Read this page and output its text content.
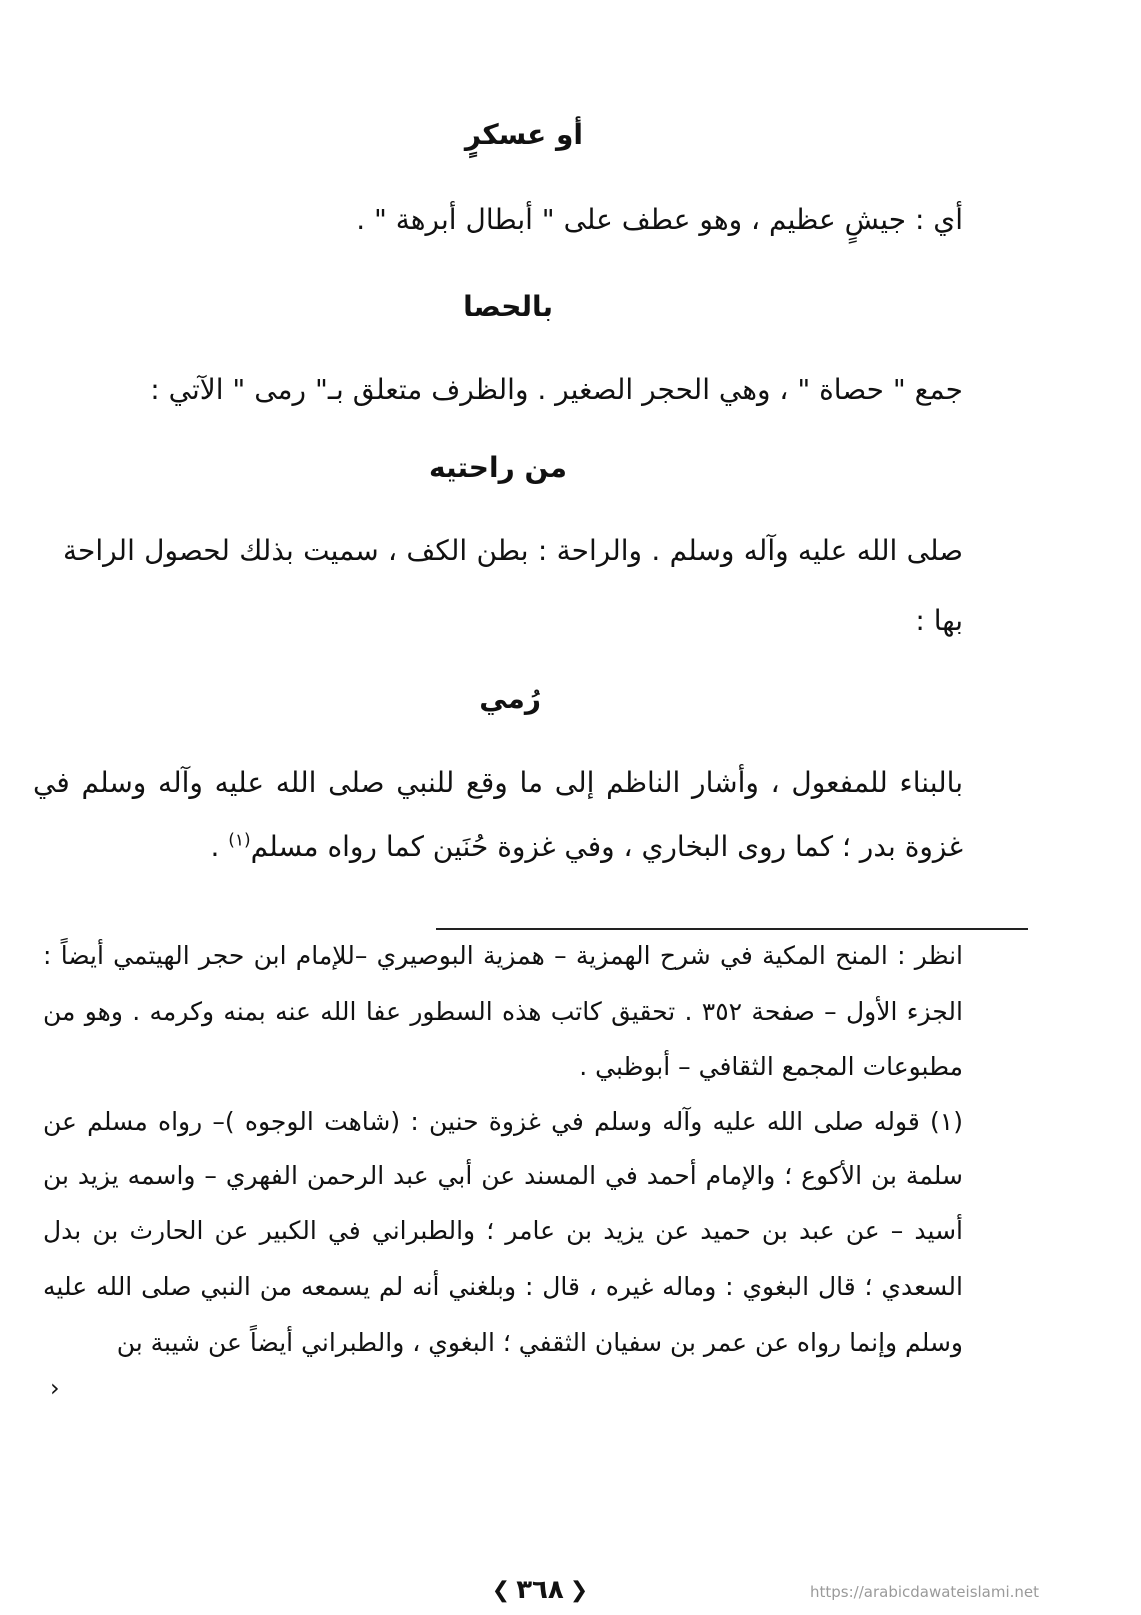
أو عسكرٍ
أي : جيشٍ عظيم ، وهو عطف على " أبطال أبرهة " .
بالحصا
جمع " حصاة " ، وهي الحجر الصغير . والظرف متعلق بـ" رمى " الآتي :
من راحتيه
صلى الله عليه وآله وسلم . والراحة : بطن الكف ، سميت بذلك لحصول الراحة
بها :
رُمي
بالبناء للمفعول ، وأشار الناظم إلى ما وقع للنبي صلى الله عليه وآله وسلم في
غزوة بدر ؛ كما روى البخاري ، وفي غزوة حُنَين كما رواه مسلم$^{(١)}$ .
انظر : المنح المكية في شرح الهمزية – همزية البوصيري –للإمام ابن حجر الهيتمي أيضاً :
الجزء الأول – صفحة ٣٥٢ . تحقيق كاتب هذه السطور عفا الله عنه بمنه وكرمه . وهو من
مطبوعات المجمع الثقافي – أبوظبي .
(١) قوله صلى الله عليه وآله وسلم في غزوة حنين : (شاهت الوجوه )– رواه مسلم عن
سلمة بن الأكوع ؛ والإمام أحمد في المسند عن أبي عبد الرحمن الفهري – واسمه يزيد بن
أسيد – عن عبد بن حميد عن يزيد بن عامر ؛ والطبراني في الكبير عن الحارث بن بدل
السعدي ؛ قال البغوي : وماله غيره ، قال : وبلغني أنه لم يسمعه من النبي صلى الله عليه
وسلم وإنما رواه عن عمر بن سفيان الثقفي ؛ البغوي ، والطبراني أيضاً عن شيبة بن
›
❮ ٣٦٨ ❯	https://arabicdawateislami.net
